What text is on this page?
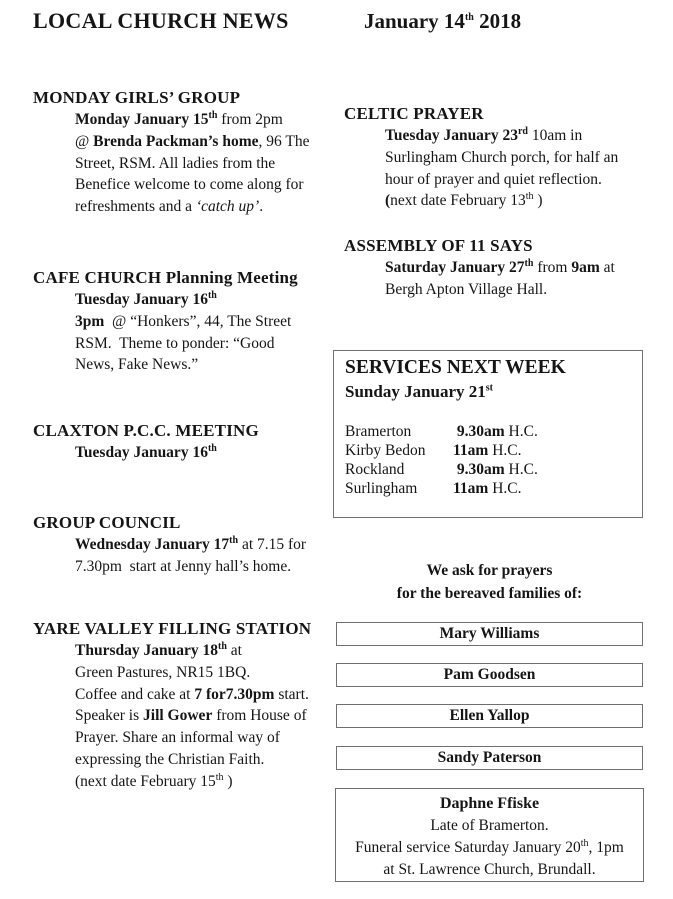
LOCAL CHURCH NEWS	January 14th 2018
MONDAY GIRLS’ GROUP
Monday January 15th from 2pm
@ Brenda Packman’s home, 96 The
Street, RSM. All ladies from the
Benefice welcome to come along for
refreshments and a ‘catch up’.
CAFE CHURCH Planning Meeting
Tuesday January 16th
3pm  @ “Honkers”, 44, The Street
RSM.  Theme to ponder: “Good
News, Fake News.”
CLAXTON P.C.C. MEETING
Tuesday January 16th
GROUP COUNCIL
Wednesday January 17th at 7.15 for
7.30pm  start at Jenny hall’s home.
YARE VALLEY FILLING STATION
Thursday January 18th at
Green Pastures, NR15 1BQ.
Coffee and cake at 7 for7.30pm start.
Speaker is Jill Gower from House of
Prayer. Share an informal way of
expressing the Christian Faith.
(next date February 15th )
CELTIC PRAYER
Tuesday January 23rd 10am in
Surlingham Church porch, for half an
hour of prayer and quiet reflection.
(next date February 13th )
ASSEMBLY OF 11 SAYS
Saturday January 27th from 9am at
Bergh Apton Village Hall.
SERVICES NEXT WEEK
Sunday January 21st
Bramerton	9.30am H.C.
Kirby Bedon	11am H.C.
Rockland	9.30am H.C.
Surlingham	11am H.C.
We ask for prayers
for the bereaved families of:
Mary Williams
Pam Goodsen
Ellen Yallop
Sandy Paterson
Daphne Ffiske
Late of Bramerton.
Funeral service Saturday January 20th, 1pm
at St. Lawrence Church, Brundall.
